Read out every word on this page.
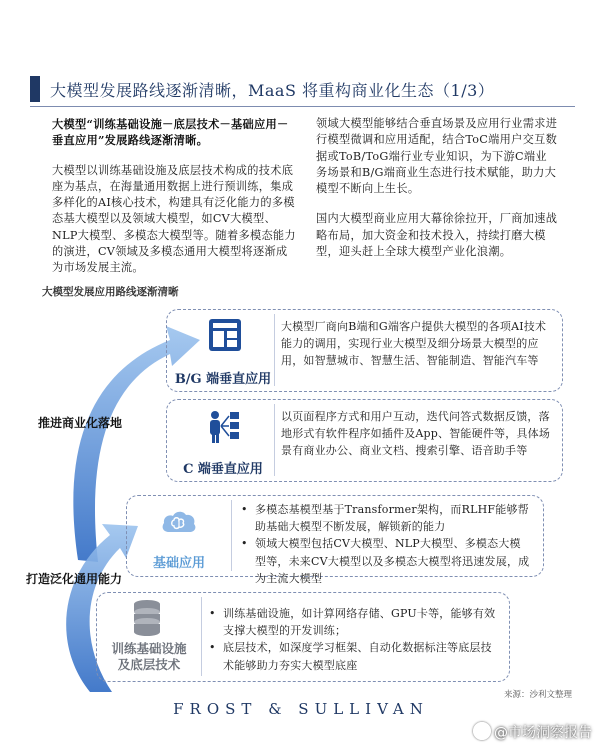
大模型发展路线逐渐清晰，MaaS 将重构商业化生态（1/3）

大模型“训练基础设施－底层技术－基础应用－垂直应用”发展路线逐渐清晰。

大模型以训练基础设施及底层技术构成的技术底座为基点，在海量通用数据上进行预训练，集成多样化的AI核心技术，构建具有泛化能力的多模态基大模型以及领域大模型，如CV大模型、NLP大模型、多模态大模型等。随着多模态能力的演进，CV领域及多模态通用大模型将逐渐成为市场发展主流。

领域大模型能够结合垂直场景及应用行业需求进行模型微调和应用适配，结合ToC端用户交互数据或ToB/ToG端行业专业知识，为下游C端业务场景和B/G端商业生态进行技术赋能，助力大模型不断向上生长。

国内大模型商业应用大幕徐徐拉开，厂商加速战略布局，加大资金和技术投入，持续打磨大模型，迎头赶上全球大模型产业化浪潮。

大模型发展应用路线逐渐清晰
推进商业化落地
打造泛化通用能力
B/G 端垂直应用
大模型厂商向B端和G端客户提供大模型的各项AI技术能力的调用，实现行业大模型及细分场景大模型的应用，如智慧城市、智慧生活、智能制造、智能汽车等
C 端垂直应用
以页面程序方式和用户互动，迭代问答式数据反馈，落地形式有软件程序如插件及App、智能硬件等，具体场景有商业办公、商业文档、搜索引擎、语音助手等
基础应用
• 多模态基模型基于Transformer架构，而RLHF能够帮助基础大模型不断发展，解锁新的能力
• 领域大模型包括CV大模型、NLP大模型、多模态大模型等，未来CV大模型以及多模态大模型将迅速发展，成为主流大模型
训练基础设施及底层技术
• 训练基础设施，如计算网络存储、GPU卡等，能够有效支撑大模型的开发训练；
• 底层技术，如深度学习框架、自动化数据标注等底层技术能够助力夯实大模型底座
来源：沙利文整理
FROST & SULLIVAN
@市场洞察报告
